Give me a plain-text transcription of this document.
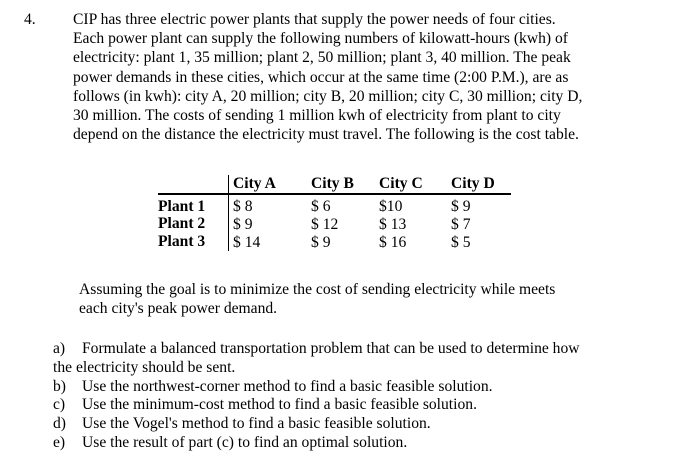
4. CIP has three electric power plants that supply the power needs of four cities.
Each power plant can supply the following numbers of kilowatt-hours (kwh) of
electricity: plant 1, 35 million; plant 2, 50 million; plant 3, 40 million. The peak
power demands in these cities, which occur at the same time (2:00 P.M.), are as
follows (in kwh): city A, 20 million; city B, 20 million; city C, 30 million; city D,
30 million. The costs of sending 1 million kwh of electricity from plant to city
depend on the distance the electricity must travel. The following is the cost table.

	City A	City B	City C	City D
Plant 1	$ 8	$ 6	$10	$ 9
Plant 2	$ 9	$ 12	$ 13	$ 7
Plant 3	$ 14	$ 9	$ 16	$ 5

Assuming the goal is to minimize the cost of sending electricity while meets
each city's peak power demand.

a) Formulate a balanced transportation problem that can be used to determine how
the electricity should be sent.
b) Use the northwest-corner method to find a basic feasible solution.
c) Use the minimum-cost method to find a basic feasible solution.
d) Use the Vogel's method to find a basic feasible solution.
e) Use the result of part (c) to find an optimal solution.
